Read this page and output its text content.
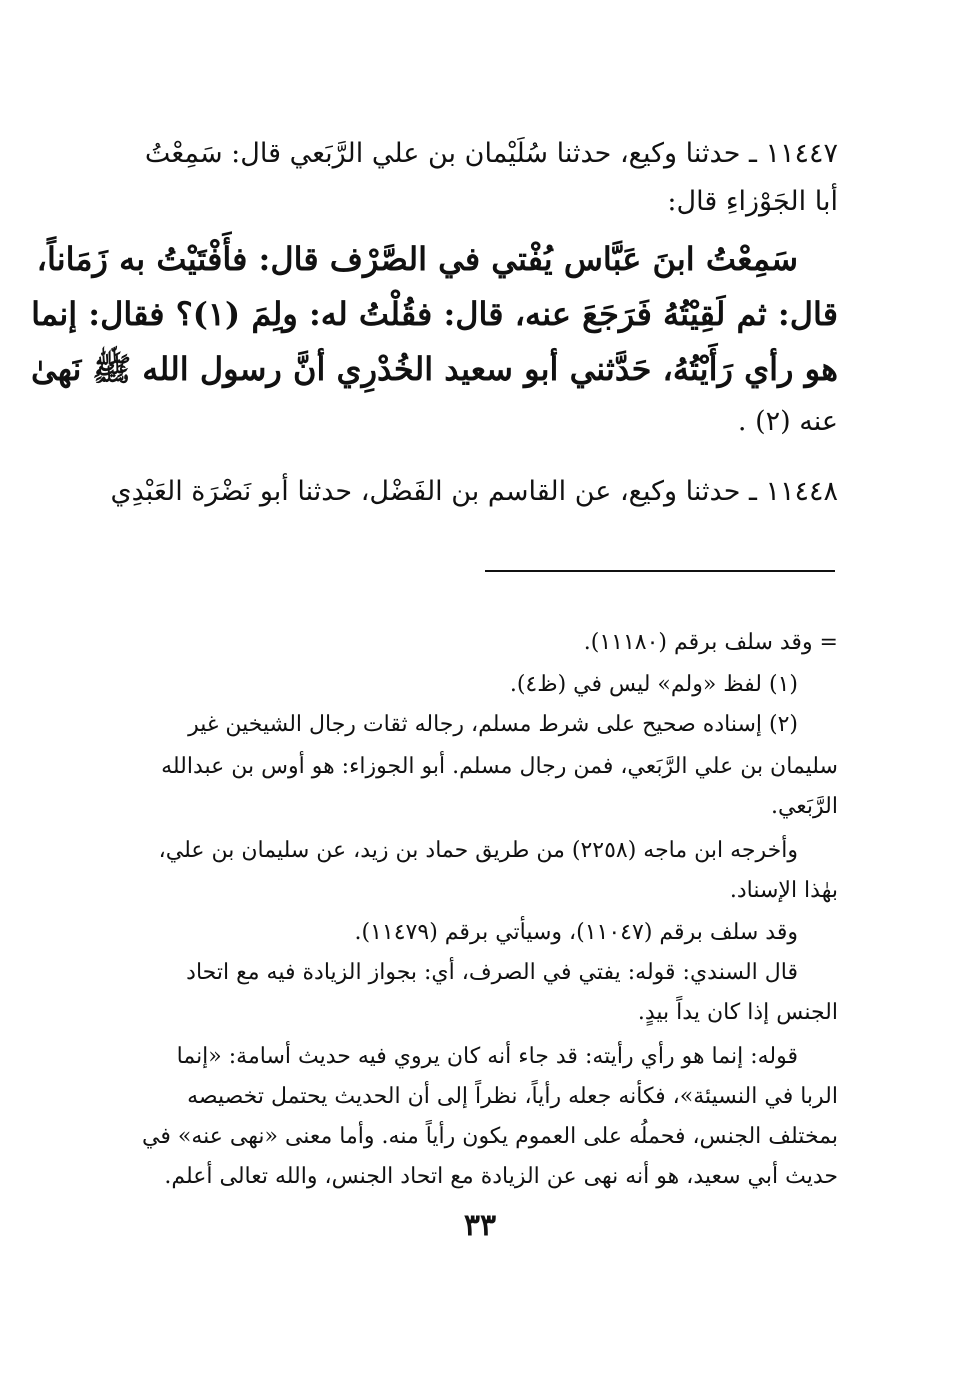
١١٤٤٧ ـ حدثنا وكيع، حدثنا سُلَيْمان بن علي الرَّبَعي قال: سَمِعْتُ
أبا الجَوْزاءِ قال:
سَمِعْتُ ابنَ عَبَّاس يُفْتي في الصَّرْف قال: فأَفْتَيْتُ به زَمَاناً،
قال: ثم لَقِيْتُهُ فَرَجَعَ عنه، قال: فقُلْتُ له: ولِمَ (١)؟ فقال: إنما
هو رأي رَأَيْتُهُ، حَدَّثني أبو سعيد الخُدْرِي أنَّ رسول الله ﷺ نَهىٰ
عنه (٢) .
١١٤٤٨ ـ حدثنا وكيع، عن القاسم بن الفَضْل، حدثنا أبو نَضْرَة العَبْدِي
= وقد سلف برقم (١١١٨٠).
(١) لفظ «ولم» ليس في (ظ٤).
(٢) إسناده صحيح على شرط مسلم، رجاله ثقات رجال الشيخين غير
سليمان بن علي الرَّبَعي، فمن رجال مسلم. أبو الجوزاء: هو أوس بن عبدالله
الرَّبَعي.
وأخرجه ابن ماجه (٢٢٥٨) من طريق حماد بن زيد، عن سليمان بن علي،
بهٰذا الإسناد.
وقد سلف برقم (١١٠٤٧)، وسيأتي برقم (١١٤٧٩).
قال السندي: قوله: يفتي في الصرف، أي: بجواز الزيادة فيه مع اتحاد
الجنس إذا كان يداً بيدٍ.
قوله: إنما هو رأي رأيته: قد جاء أنه كان يروي فيه حديث أسامة: «إنما
الربا في النسيئة»، فكأنه جعله رأياً، نظراً إلى أن الحديث يحتمل تخصيصه
بمختلف الجنس، فحملُه على العموم يكون رأياً منه. وأما معنى «نهى عنه» في
حديث أبي سعيد، هو أنه نهى عن الزيادة مع اتحاد الجنس، والله تعالى أعلم.
٣٣
